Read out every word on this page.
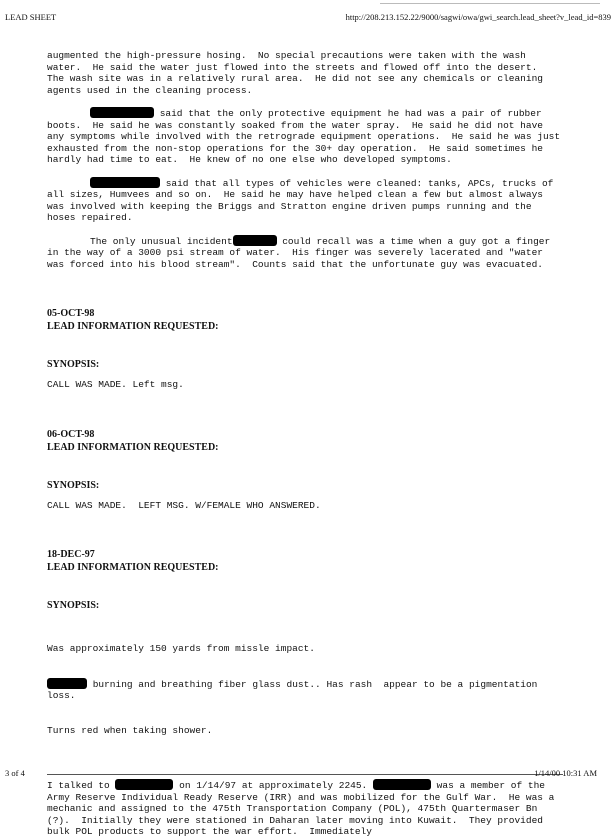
LEAD SHEET	http://208.213.152.22/9000/sagwi/owa/gwi_search.lead_sheet?v_lead_id=839

augmented the high-pressure hosing.  No special precautions were taken with the wash water.  He said the water just flowed into the streets and flowed off into the desert.  The wash site was in a relatively rural area.  He did not see any chemicals or cleaning agents used in the cleaning process.

said that the only protective equipment he had was a pair of rubber boots.  He said he was constantly soaked from the water spray.  He said he did not have any symptoms while involved with the retrograde equipment operations.  He said he was just exhausted from the non-stop operations for the 30+ day operation.  He said sometimes he hardly had time to eat.  He knew of no one else who developed symptoms.

said that all types of vehicles were cleaned: tanks, APCs, trucks of all sizes, Humvees and so on.  He said he may have helped clean a few but almost always was involved with keeping the Briggs and Stratton engine driven pumps running and the hoses repaired.

The only unusual incident	could recall was a time when a guy got a finger in the way of a 3000 psi stream of water.  His finger was severely lacerated and "water was forced into his blood stream".  Counts said that the unfortunate guy was evacuated.

05-OCT-98
LEAD INFORMATION REQUESTED:
SYNOPSIS:
CALL WAS MADE. Left msg.
06-OCT-98
LEAD INFORMATION REQUESTED:
SYNOPSIS:
CALL WAS MADE.  LEFT MSG. W/FEMALE WHO ANSWERED.
18-DEC-97
LEAD INFORMATION REQUESTED:
SYNOPSIS:

Was approximately 150 yards from missle impact.

burning and breathing fiber glass dust.. Has rash  appear to be a pigmentation loss.

Turns red when taking shower.

I talked to	on 1/14/97 at approximately 2245.	was a member of the Army Reserve Individual Ready Reserve (IRR) and was mobilized for the Gulf War.  He was a mechanic and assigned to the 475th Transportation Company (POL), 475th Quartermaser Bn (?).  Initially they were stationed in Daharan later moving into Kuwait.  They provided bulk POL products to support the war effort.  Immediately

3 of 4	1/14/00 10:31 AM
